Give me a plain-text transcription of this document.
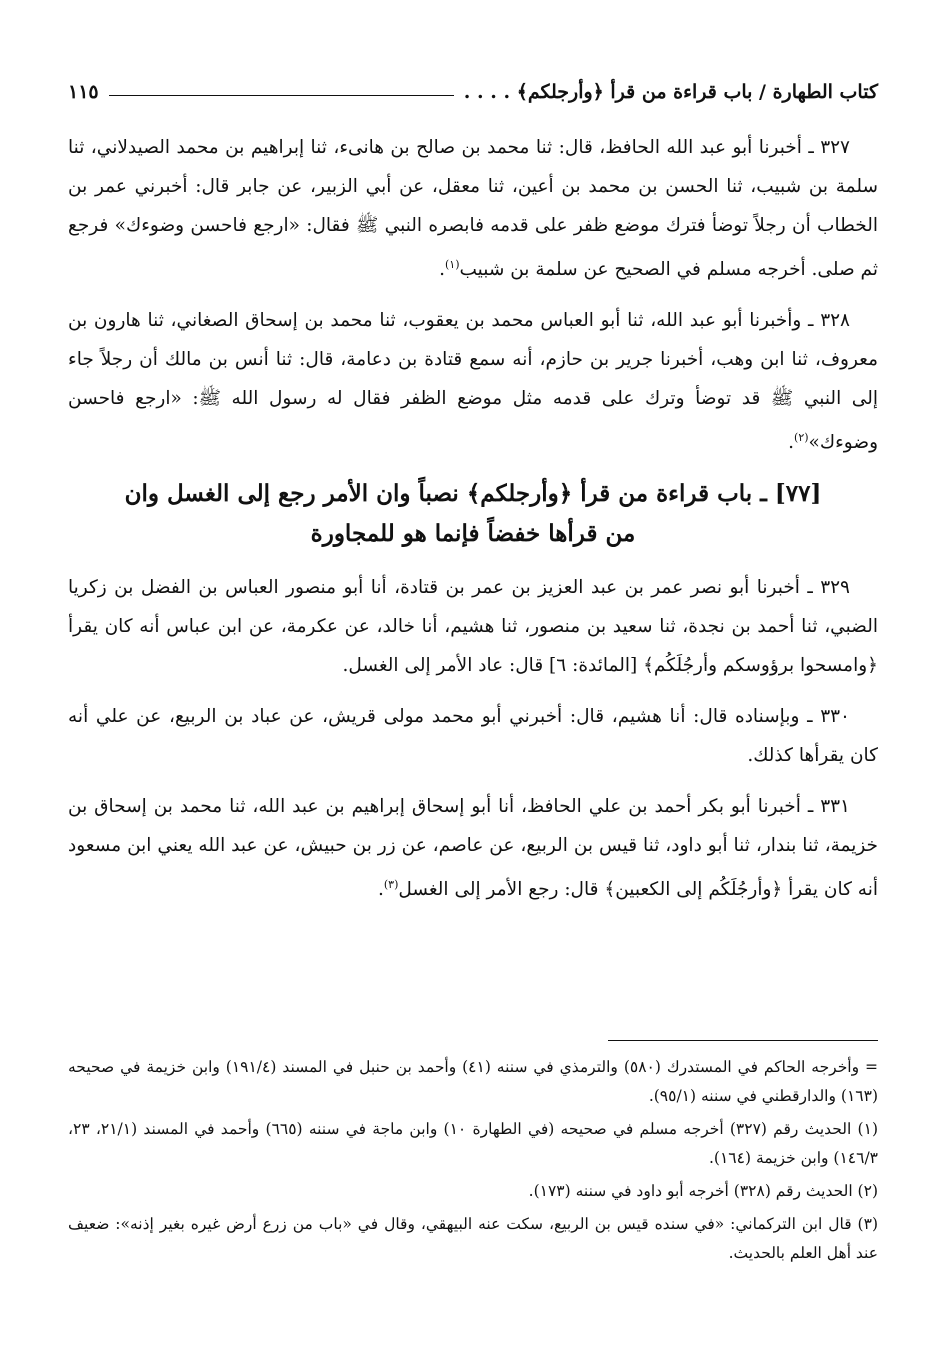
كتاب الطهارة / باب قراءة من قرأ ﴿وأرجلكم﴾ . . . .
١١٥

٣٢٧ ـ أخبرنا أبو عبد الله الحافظ، قال: ثنا محمد بن صالح بن هانىء، ثنا إبراهيم بن محمد الصيدلاني، ثنا سلمة بن شبيب، ثنا الحسن بن محمد بن أعين، ثنا معقل، عن أبي الزبير، عن جابر قال: أخبرني عمر بن الخطاب أن رجلاً توضأ فترك موضع ظفر على قدمه فابصره النبي ﷺ فقال: «ارجع فاحسن وضوءك» فرجع ثم صلى. أخرجه مسلم في الصحيح عن سلمة بن شبيب$^{(١)}$.

٣٢٨ ـ وأخبرنا أبو عبد الله، ثنا أبو العباس محمد بن يعقوب، ثنا محمد بن إسحاق الصغاني، ثنا هارون بن معروف، ثنا ابن وهب، أخبرنا جرير بن حازم، أنه سمع قتادة بن دعامة، قال: ثنا أنس بن مالك أن رجلاً جاء إلى النبي ﷺ قد توضأ وترك على قدمه مثل موضع الظفر فقال له رسول الله ﷺ: «ارجع فاحسن وضوءك»$^{(٢)}$.

[٧٧] ـ باب قراءة من قرأ ﴿وأرجلكم﴾ نصباً وان الأمر رجع إلى الغسل وان
من قرأها خفضاً فإنما هو للمجاورة

٣٢٩ ـ أخبرنا أبو نصر عمر بن عبد العزيز بن عمر بن قتادة، أنا أبو منصور العباس بن الفضل بن زكريا الضبي، ثنا أحمد بن نجدة، ثنا سعيد بن منصور، ثنا هشيم، أنا خالد، عن عكرمة، عن ابن عباس أنه كان يقرأ ﴿وامسحوا برؤوسكم وأرجُلَكُم﴾ [المائدة: ٦] قال: عاد الأمر إلى الغسل.

٣٣٠ ـ وبإسناده قال: أنا هشيم، قال: أخبرني أبو محمد مولى قريش، عن عباد بن الربيع، عن علي أنه كان يقرأها كذلك.

٣٣١ ـ أخبرنا أبو بكر أحمد بن علي الحافظ، أنا أبو إسحاق إبراهيم بن عبد الله، ثنا محمد بن إسحاق بن خزيمة، ثنا بندار، ثنا أبو داود، ثنا قيس بن الربيع، عن عاصم، عن زر بن حبيش، عن عبد الله يعني ابن مسعود أنه كان يقرأ ﴿وأرجُلَكُم إلى الكعبين﴾ قال: رجع الأمر إلى الغسل$^{(٣)}$.

= وأخرجه الحاكم في المستدرك (٥٨٠) والترمذي في سننه (٤١) وأحمد بن حنبل في المسند (١٩١/٤) وابن خزيمة في صحيحه (١٦٣) والدارقطني في سننه (٩٥/١).

(١) الحديث رقم (٣٢٧) أخرجه مسلم في صحيحه (في الطهارة ١٠) وابن ماجة في سننه (٦٦٥) وأحمد في المسند (٢١/١، ٢٣، ١٤٦/٣) وابن خزيمة (١٦٤).

(٢) الحديث رقم (٣٢٨) أخرجه أبو داود في سننه (١٧٣).

(٣) قال ابن التركماني: «في سنده قيس بن الربيع، سكت عنه البيهقي، وقال في «باب من زرع أرض غيره بغير إذنه»: ضعيف عند أهل العلم بالحديث.
